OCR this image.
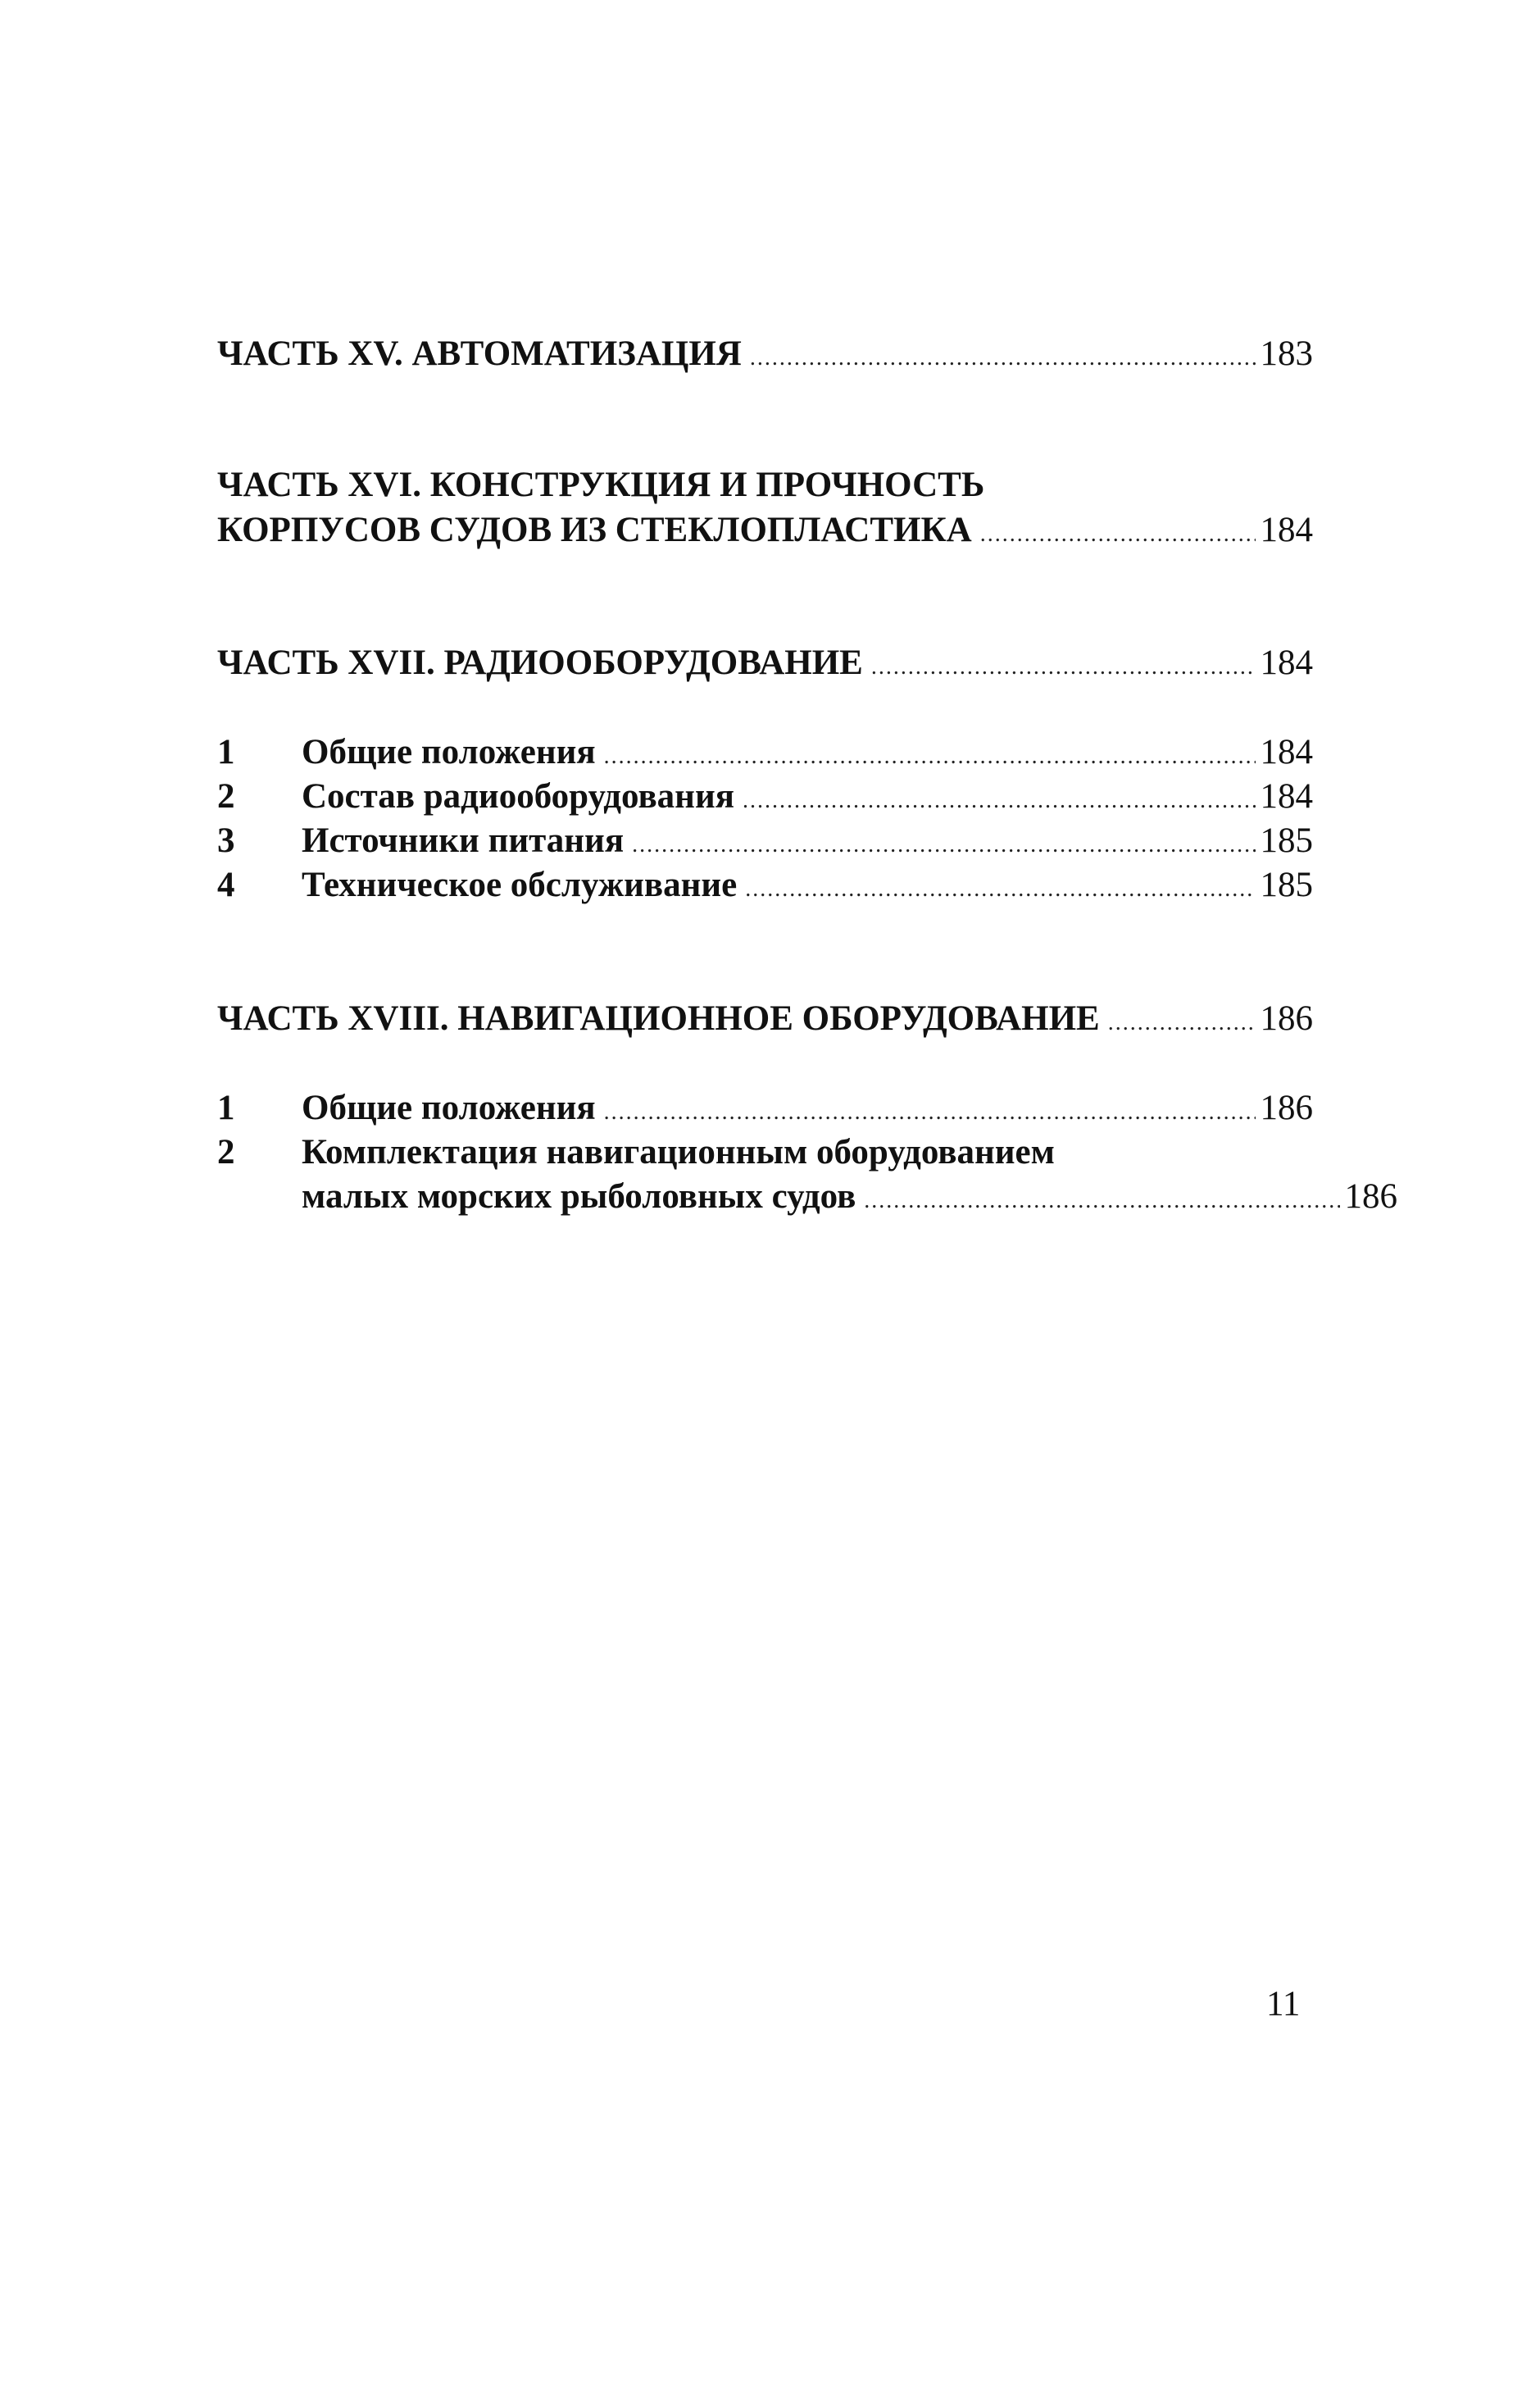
ЧАСТЬ XV. АВТОМАТИЗАЦИЯ .....	183
ЧАСТЬ XVI. КОНСТРУКЦИЯ И ПРОЧНОСТЬ
КОРПУСОВ СУДОВ ИЗ СТЕКЛОПЛАСТИКА .....	184
ЧАСТЬ XVII. РАДИООБОРУДОВАНИЕ .....	184
1	Общие положения .....	184
2	Состав радиооборудования .....	184
3	Источники питания .....	185
4	Техническое обслуживание .....	185
ЧАСТЬ XVIII. НАВИГАЦИОННОЕ ОБОРУДОВАНИЕ .....	186
1	Общие положения .....	186
2	Комплектация навигационным оборудованием
малых морских рыболовных судов .....	186
11
